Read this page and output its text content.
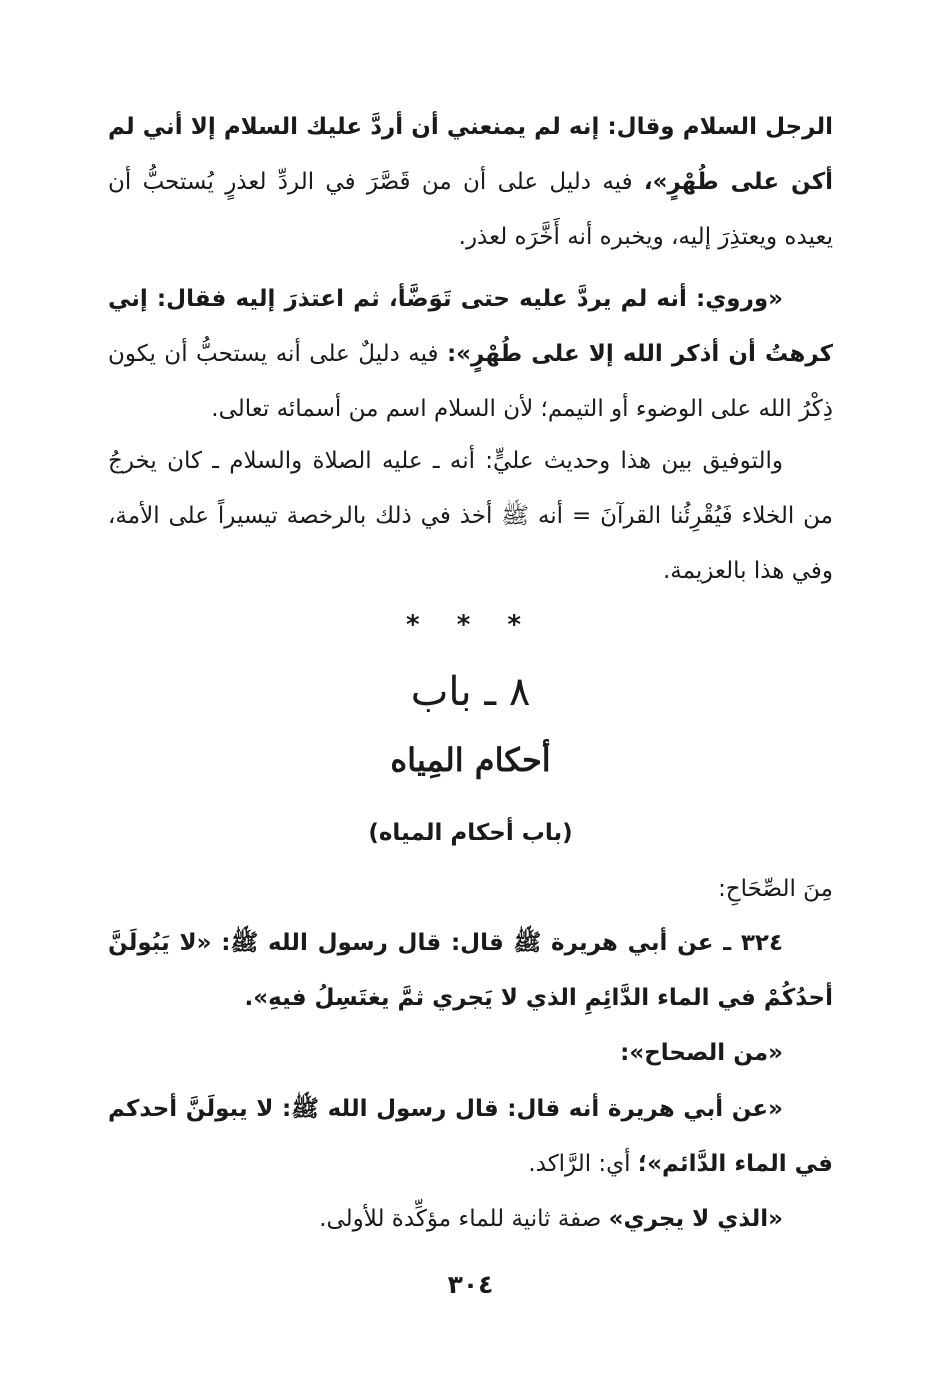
الرجل السلام وقال: إنه لم يمنعني أن أردَّ عليك السلام إلا أني لم أكن على طُهْرٍ»، فيه دليل على أن من قَصَّرَ في الردِّ لعذرٍ يُستحبُّ أن يعيده ويعتذِرَ إليه، ويخبره أنه أَخَّرَه لعذر.

«وروي: أنه لم يردَّ عليه حتى تَوَضَّأ، ثم اعتذرَ إليه فقال: إني كرهتُ أن أذكر الله إلا على طُهْرٍ»: فيه دليلٌ على أنه يستحبُّ أن يكون ذِكْرُ الله على الوضوء أو التيمم؛ لأن السلام اسم من أسمائه تعالى.

والتوفيق بين هذا وحديث عليٍّ: أنه ـ عليه الصلاة والسلام ـ كان يخرجُ من الخلاء فَيُقْرِئُنا القرآنَ = أنه ﷺ أخذ في ذلك بالرخصة تيسيراً على الأمة، وفي هذا بالعزيمة.

* * *
٨ ـ باب
أحكام المِياه
(باب أحكام المياه)

مِنَ الصِّحَاحِ:

٣٢٤ ـ عن أبي هريرة ﷺ قال: قال رسول الله ﷺ: «لا يَبُولَنَّ أحدُكُمْ في الماء الدَّائِمِ الذي لا يَجري ثمَّ يغتَسِلُ فيهِ».

«من الصحاح»:

«عن أبي هريرة أنه قال: قال رسول الله ﷺ: لا يبولَنَّ أحدكم في الماء الدَّائم»؛ أي: الرَّاكد.

«الذي لا يجري» صفة ثانية للماء مؤكِّدة للأولى.

٣٠٤
